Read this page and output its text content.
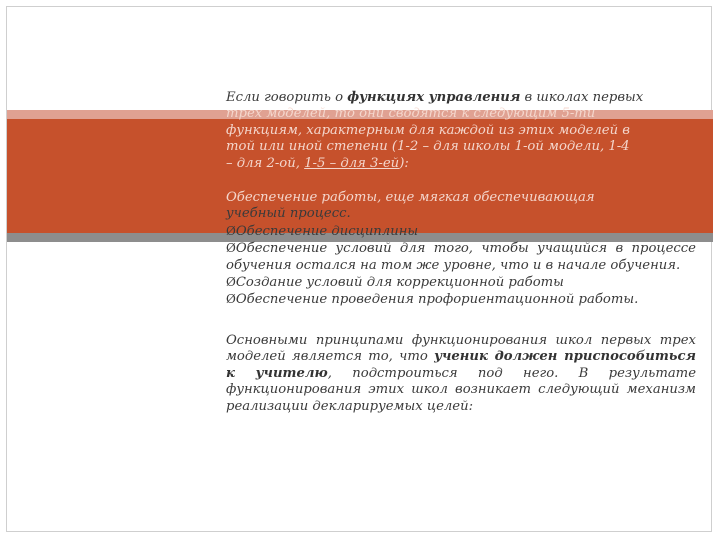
Вывод

Если говорить о функциях управления в школах первых

трех моделей, то они сводятся к следующим 5-ти

функциям, характерным для каждой из этих моделей в

той или иной степени (1-2 – для школы 1-ой модели, 1-4

– для 2-ой, 1-5 – для 3-ей):

Обеспечение работы, еще мягкая обеспечивающая

учебный процесс.

ØОбеспечение дисциплины

ØОбеспечение условий для того, чтобы учащийся в процессе обучения остался на том же уровне, что и в начале обучения.

ØСоздание условий для коррекционной работы

ØОбеспечение проведения профориентационной работы.

Основными принципами функционирования школ первых трех моделей является то, что ученик должен приспособиться к учителю, подстроиться под него. В результате функционирования этих школ возникает следующий механизм реализации декларируемых целей:
